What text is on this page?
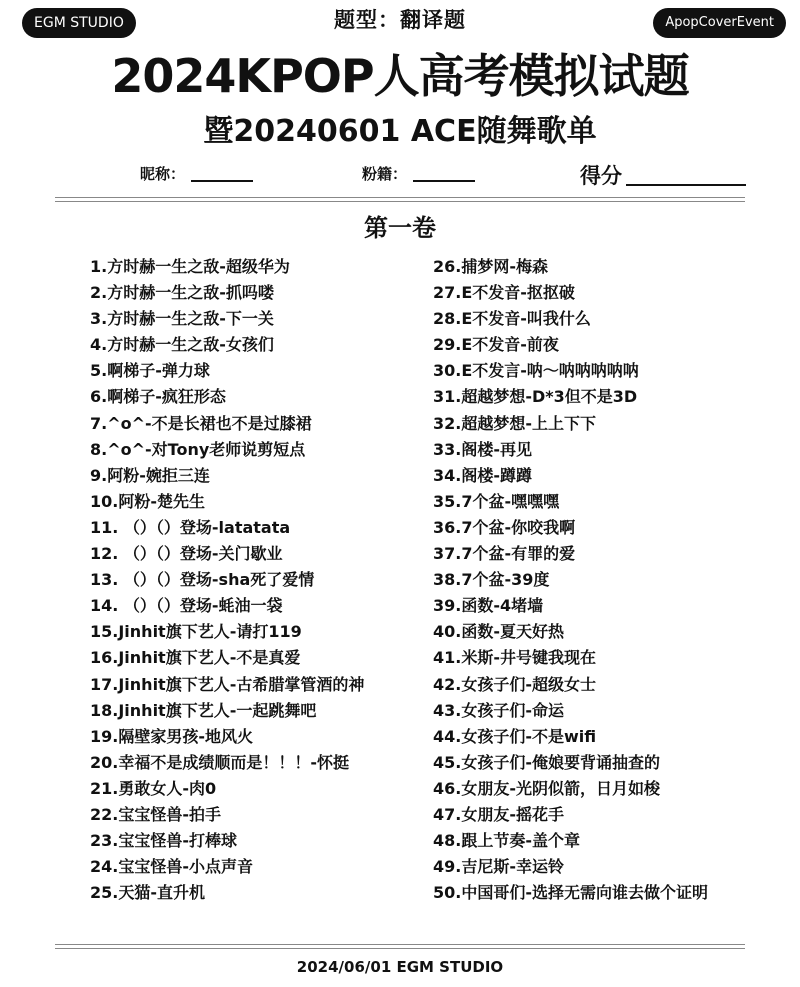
EGM STUDIO	题型：翻译题	ApopCoverEvent
2024KPOP人高考模拟试题
暨20240601 ACE随舞歌单
昵称：	粉籍：	得分
第一卷
1.方时赫一生之敌-超级华为
2.方时赫一生之敌-抓吗喽
3.方时赫一生之敌-下一关
4.方时赫一生之敌-女孩们
5.啊梯子-弹力球
6.啊梯子-疯狂形态
7.^o^-不是长裙也不是过膝裙
8.^o^-对Tony老师说剪短点
9.阿粉-婉拒三连
10.阿粉-楚先生
11. （）（）登场-latatata
12. （）（）登场-关门歇业
13. （）（）登场-sha死了爱情
14. （）（）登场-蚝油一袋
15.Jinhit旗下艺人-请打119
16.Jinhit旗下艺人-不是真爱
17.Jinhit旗下艺人-古希腊掌管酒的神
18.Jinhit旗下艺人-一起跳舞吧
19.隔壁家男孩-地风火
20.幸福不是成绩顺而是！！！-怀挺
21.勇敢女人-肉0
22.宝宝怪兽-拍手
23.宝宝怪兽-打棒球
24.宝宝怪兽-小点声音
25.天猫-直升机
26.捕梦网-梅森
27.E不发音-抠抠破
28.E不发音-叫我什么
29.E不发音-前夜
30.E不发言-呐～呐呐呐呐呐
31.超越梦想-D*3但不是3D
32.超越梦想-上上下下
33.阁楼-再见
34.阁楼-蹲蹲
35.7个盆-嘿嘿嘿
36.7个盆-你咬我啊
37.7个盆-有罪的爱
38.7个盆-39度
39.函数-4堵墙
40.函数-夏天好热
41.米斯-井号键我现在
42.女孩子们-超级女士
43.女孩子们-命运
44.女孩子们-不是wifi
45.女孩子们-俺娘要背诵抽查的
46.女朋友-光阴似箭，日月如梭
47.女朋友-摇花手
48.跟上节奏-盖个章
49.吉尼斯-幸运铃
50.中国哥们-选择无需向谁去做个证明
2024/06/01 EGM STUDIO
